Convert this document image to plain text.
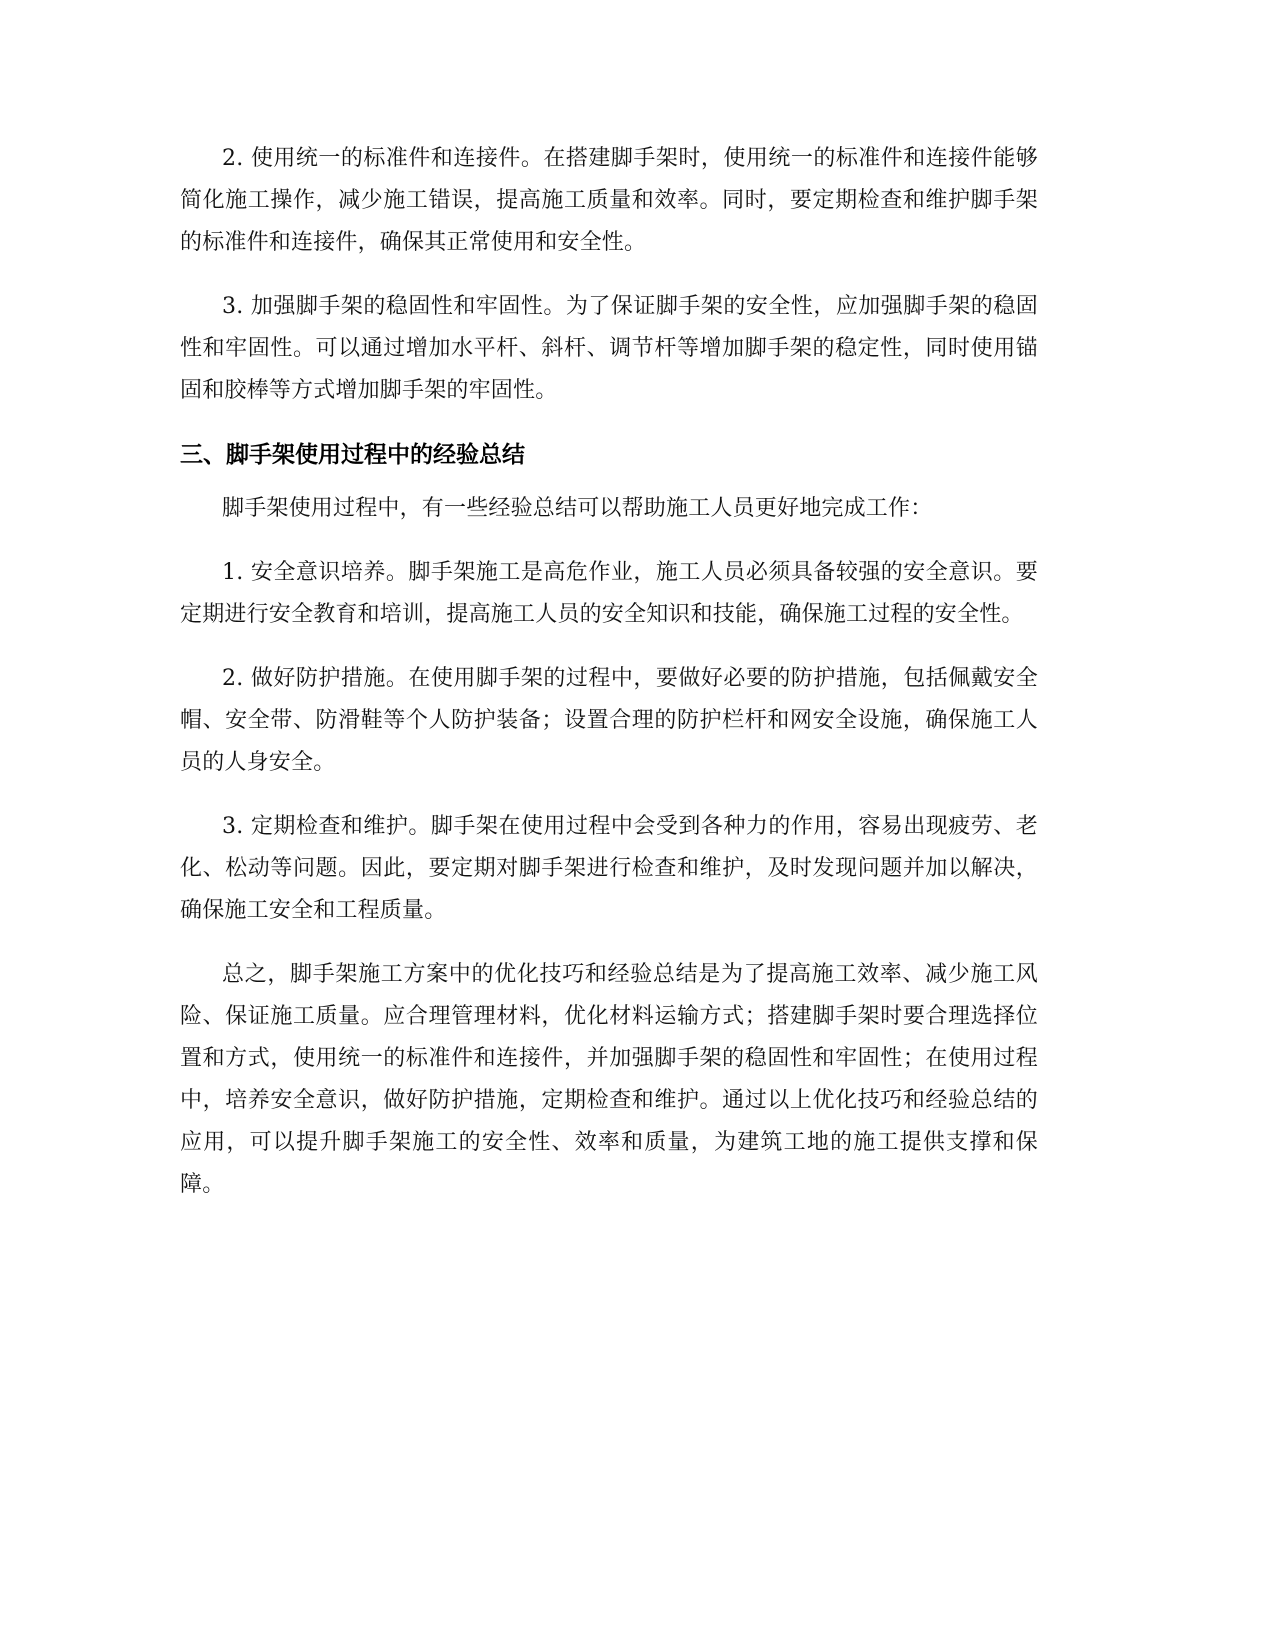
2. 使用统一的标准件和连接件。在搭建脚手架时，使用统一的标准件和连接件能够简化施工操作，减少施工错误，提高施工质量和效率。同时，要定期检查和维护脚手架的标准件和连接件，确保其正常使用和安全性。

3. 加强脚手架的稳固性和牢固性。为了保证脚手架的安全性，应加强脚手架的稳固性和牢固性。可以通过增加水平杆、斜杆、调节杆等增加脚手架的稳定性，同时使用锚固和胶棒等方式增加脚手架的牢固性。

三、脚手架使用过程中的经验总结

脚手架使用过程中，有一些经验总结可以帮助施工人员更好地完成工作：

1. 安全意识培养。脚手架施工是高危作业，施工人员必须具备较强的安全意识。要定期进行安全教育和培训，提高施工人员的安全知识和技能，确保施工过程的安全性。

2. 做好防护措施。在使用脚手架的过程中，要做好必要的防护措施，包括佩戴安全帽、安全带、防滑鞋等个人防护装备；设置合理的防护栏杆和网安全设施，确保施工人员的人身安全。

3. 定期检查和维护。脚手架在使用过程中会受到各种力的作用，容易出现疲劳、老化、松动等问题。因此，要定期对脚手架进行检查和维护，及时发现问题并加以解决，确保施工安全和工程质量。

总之，脚手架施工方案中的优化技巧和经验总结是为了提高施工效率、减少施工风险、保证施工质量。应合理管理材料，优化材料运输方式；搭建脚手架时要合理选择位置和方式，使用统一的标准件和连接件，并加强脚手架的稳固性和牢固性；在使用过程中，培养安全意识，做好防护措施，定期检查和维护。通过以上优化技巧和经验总结的应用，可以提升脚手架施工的安全性、效率和质量，为建筑工地的施工提供支撑和保障。
